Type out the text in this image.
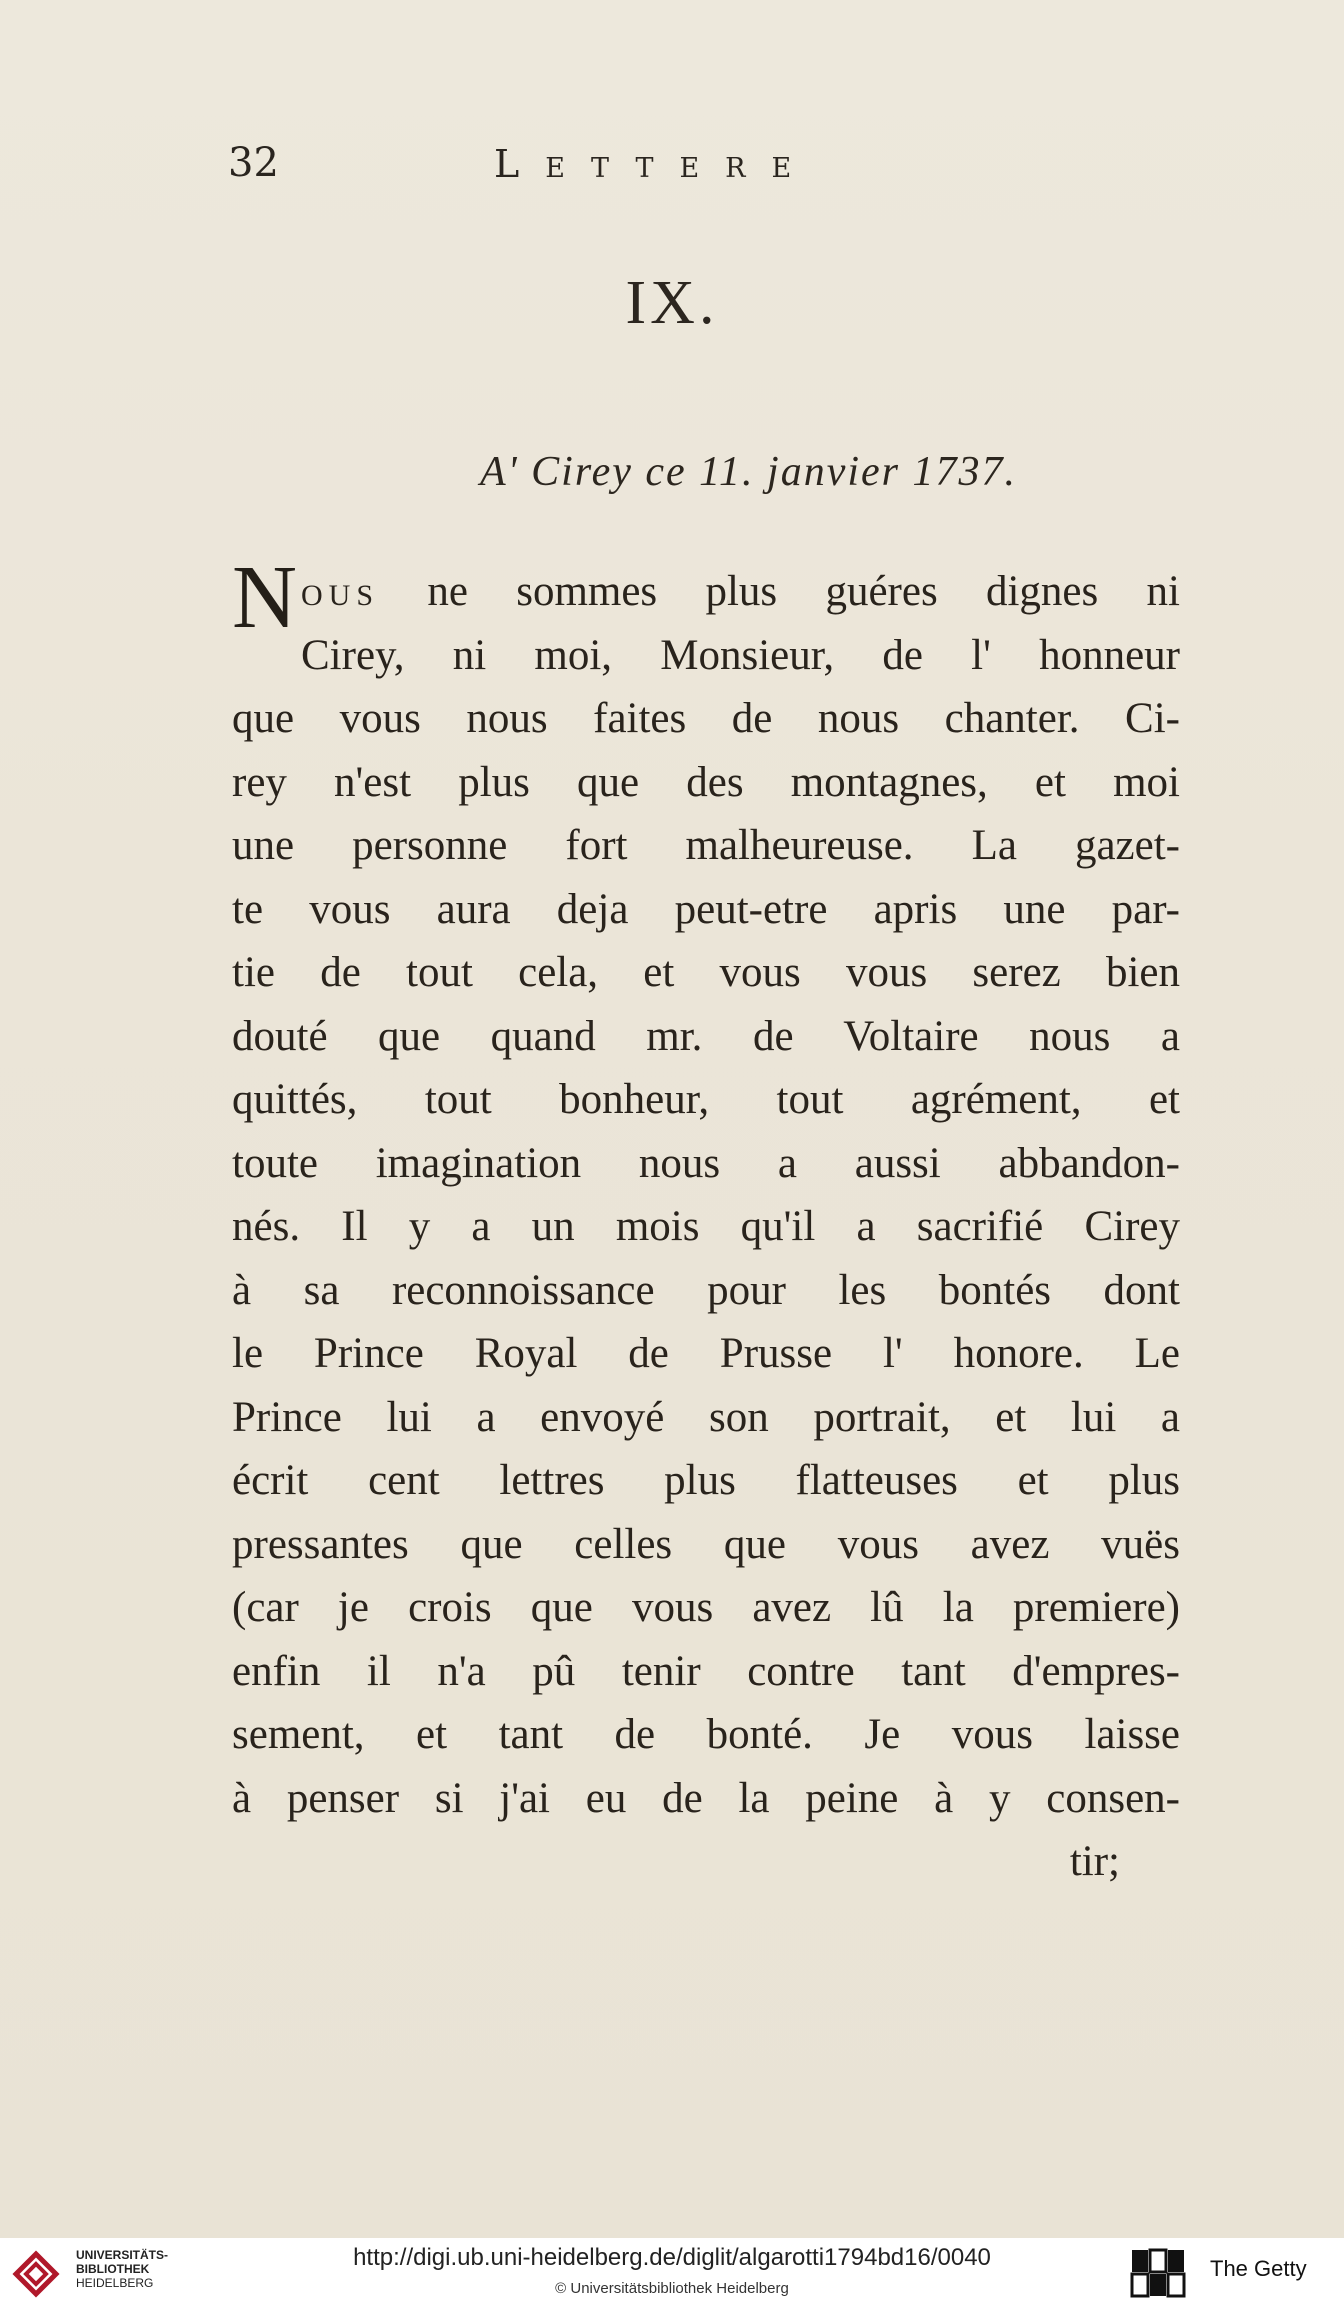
32	Lettere
IX.
A' Cirey ce 11. janvier 1737.
Nous ne sommes plus guéres dignes ni
Cirey, ni moi, Monsieur, de l' honneur
que vous nous faites de nous chanter. Ci-
rey n'est plus que des montagnes, et moi
une personne fort malheureuse. La gazet-
te vous aura deja peut-etre apris une par-
tie de tout cela, et vous vous serez bien
douté que quand mr. de Voltaire nous a
quittés, tout bonheur, tout agrément, et
toute imagination nous a aussi abbandon-
nés. Il y a un mois qu'il a sacrifié Cirey
à sa reconnoissance pour les bontés dont
le Prince Royal de Prusse l' honore. Le
Prince lui a envoyé son portrait, et lui a
écrit cent lettres plus flatteuses et plus
pressantes que celles que vous avez vuës
(car je crois que vous avez lû la premiere)
enfin il n'a pû tenir contre tant d'empres-
sement, et tant de bonté. Je vous laisse
à penser si j'ai eu de la peine à y consen-
tir;
UNIVERSITÄTS-
BIBLIOTHEK
HEIDELBERG
http://digi.ub.uni-heidelberg.de/diglit/algarotti1794bd16/0040
© Universitätsbibliothek Heidelberg
The Getty
